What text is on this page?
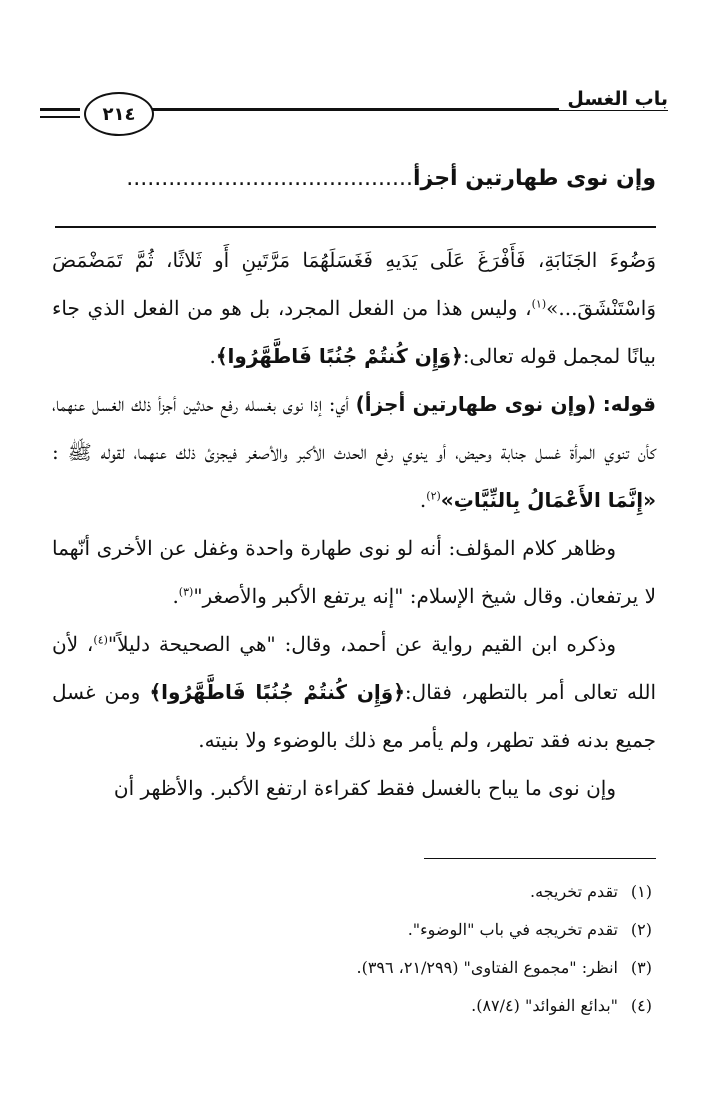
باب الغسل
٢١٤
وإن نوى طهارتين أجزأ.........................................

وَضُوءَ الجَنَابَةِ، فَأَفْرَغَ عَلَى يَدَيهِ فَغَسَلَهُمَا مَرَّتَينِ أَو ثَلاثًا، ثُمَّ تَمَضْمَضَ وَاسْتَنْشَقَ...»$^{(١)}$، وليس هذا من الفعل المجرد، بل هو من الفعل الذي جاء بيانًا لمجمل قوله تعالى:﴿وَإِن كُنتُمْ جُنُبًا فَاطَّهَّرُوا﴾.

قوله: (وإن نوى طهارتين أجزأ) أي: إذا نوى بغسله رفع حدثين أجزأ ذلك الغسل عنهما، كأن تنوي المرأة غسل جنابة وحيض، أو ينوي رفع الحدث الأكبر والأصغر فيجزئ ذلك عنهما، لقوله ﷺ : «إِنَّمَا الأَعْمَالُ بِالنِّيَّاتِ»$^{(٢)}$.

وظاهر كلام المؤلف: أنه لو نوى طهارة واحدة وغفل عن الأخرى أنّهما لا يرتفعان. وقال شيخ الإسلام: "إنه يرتفع الأكبر والأصغر"$^{(٣)}$.

وذكره ابن القيم رواية عن أحمد، وقال: "هي الصحيحة دليلاً"$^{(٤)}$، لأن الله تعالى أمر بالتطهر، فقال:﴿وَإِن كُنتُمْ جُنُبًا فَاطَّهَّرُوا﴾ ومن غسل جميع بدنه فقد تطهر، ولم يأمر مع ذلك بالوضوء ولا بنيته.

وإن نوى ما يباح بالغسل فقط كقراءة ارتفع الأكبر. والأظهر أن

(١)تقدم تخريجه.
(٢)تقدم تخريجه في باب "الوضوء".
(٣)انظر: "مجموع الفتاوى" (٢١/٢٩٩، ٣٩٦).
(٤)"بدائع الفوائد" (٨٧/٤).
